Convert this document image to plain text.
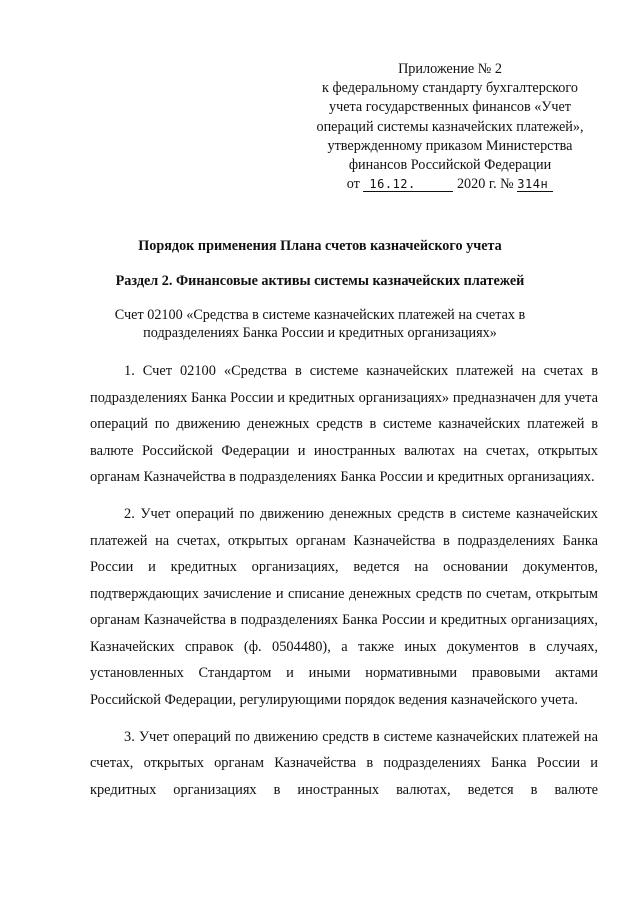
Приложение № 2
к федеральному стандарту бухгалтерского
учета государственных финансов «Учет
операций системы казначейских платежей»,
утвержденному приказом Министерства
финансов Российской Федерации
от 16.12.	2020 г. № 314н
Порядок применения Плана счетов казначейского учета
Раздел 2. Финансовые активы системы казначейских платежей
Счет 02100 «Средства в системе казначейских платежей на счетах в подразделениях Банка России и кредитных организациях»

1. Счет 02100 «Средства в системе казначейских платежей на счетах в подразделениях Банка России и кредитных организациях» предназначен для учета операций по движению денежных средств в системе казначейских платежей в валюте Российской Федерации и иностранных валютах на счетах, открытых органам Казначейства в подразделениях Банка России и кредитных организациях.

2. Учет операций по движению денежных средств в системе казначейских платежей на счетах, открытых органам Казначейства в подразделениях Банка России и кредитных организациях, ведется на основании документов, подтверждающих зачисление и списание денежных средств по счетам, открытым органам Казначейства в подразделениях Банка России и кредитных организациях, Казначейских справок (ф. 0504480), а также иных документов в случаях, установленных Стандартом и иными нормативными правовыми актами Российской Федерации, регулирующими порядок ведения казначейского учета.

3. Учет операций по движению средств в системе казначейских платежей на счетах, открытых органам Казначейства в подразделениях Банка России и кредитных организациях в иностранных валютах, ведется в валюте
